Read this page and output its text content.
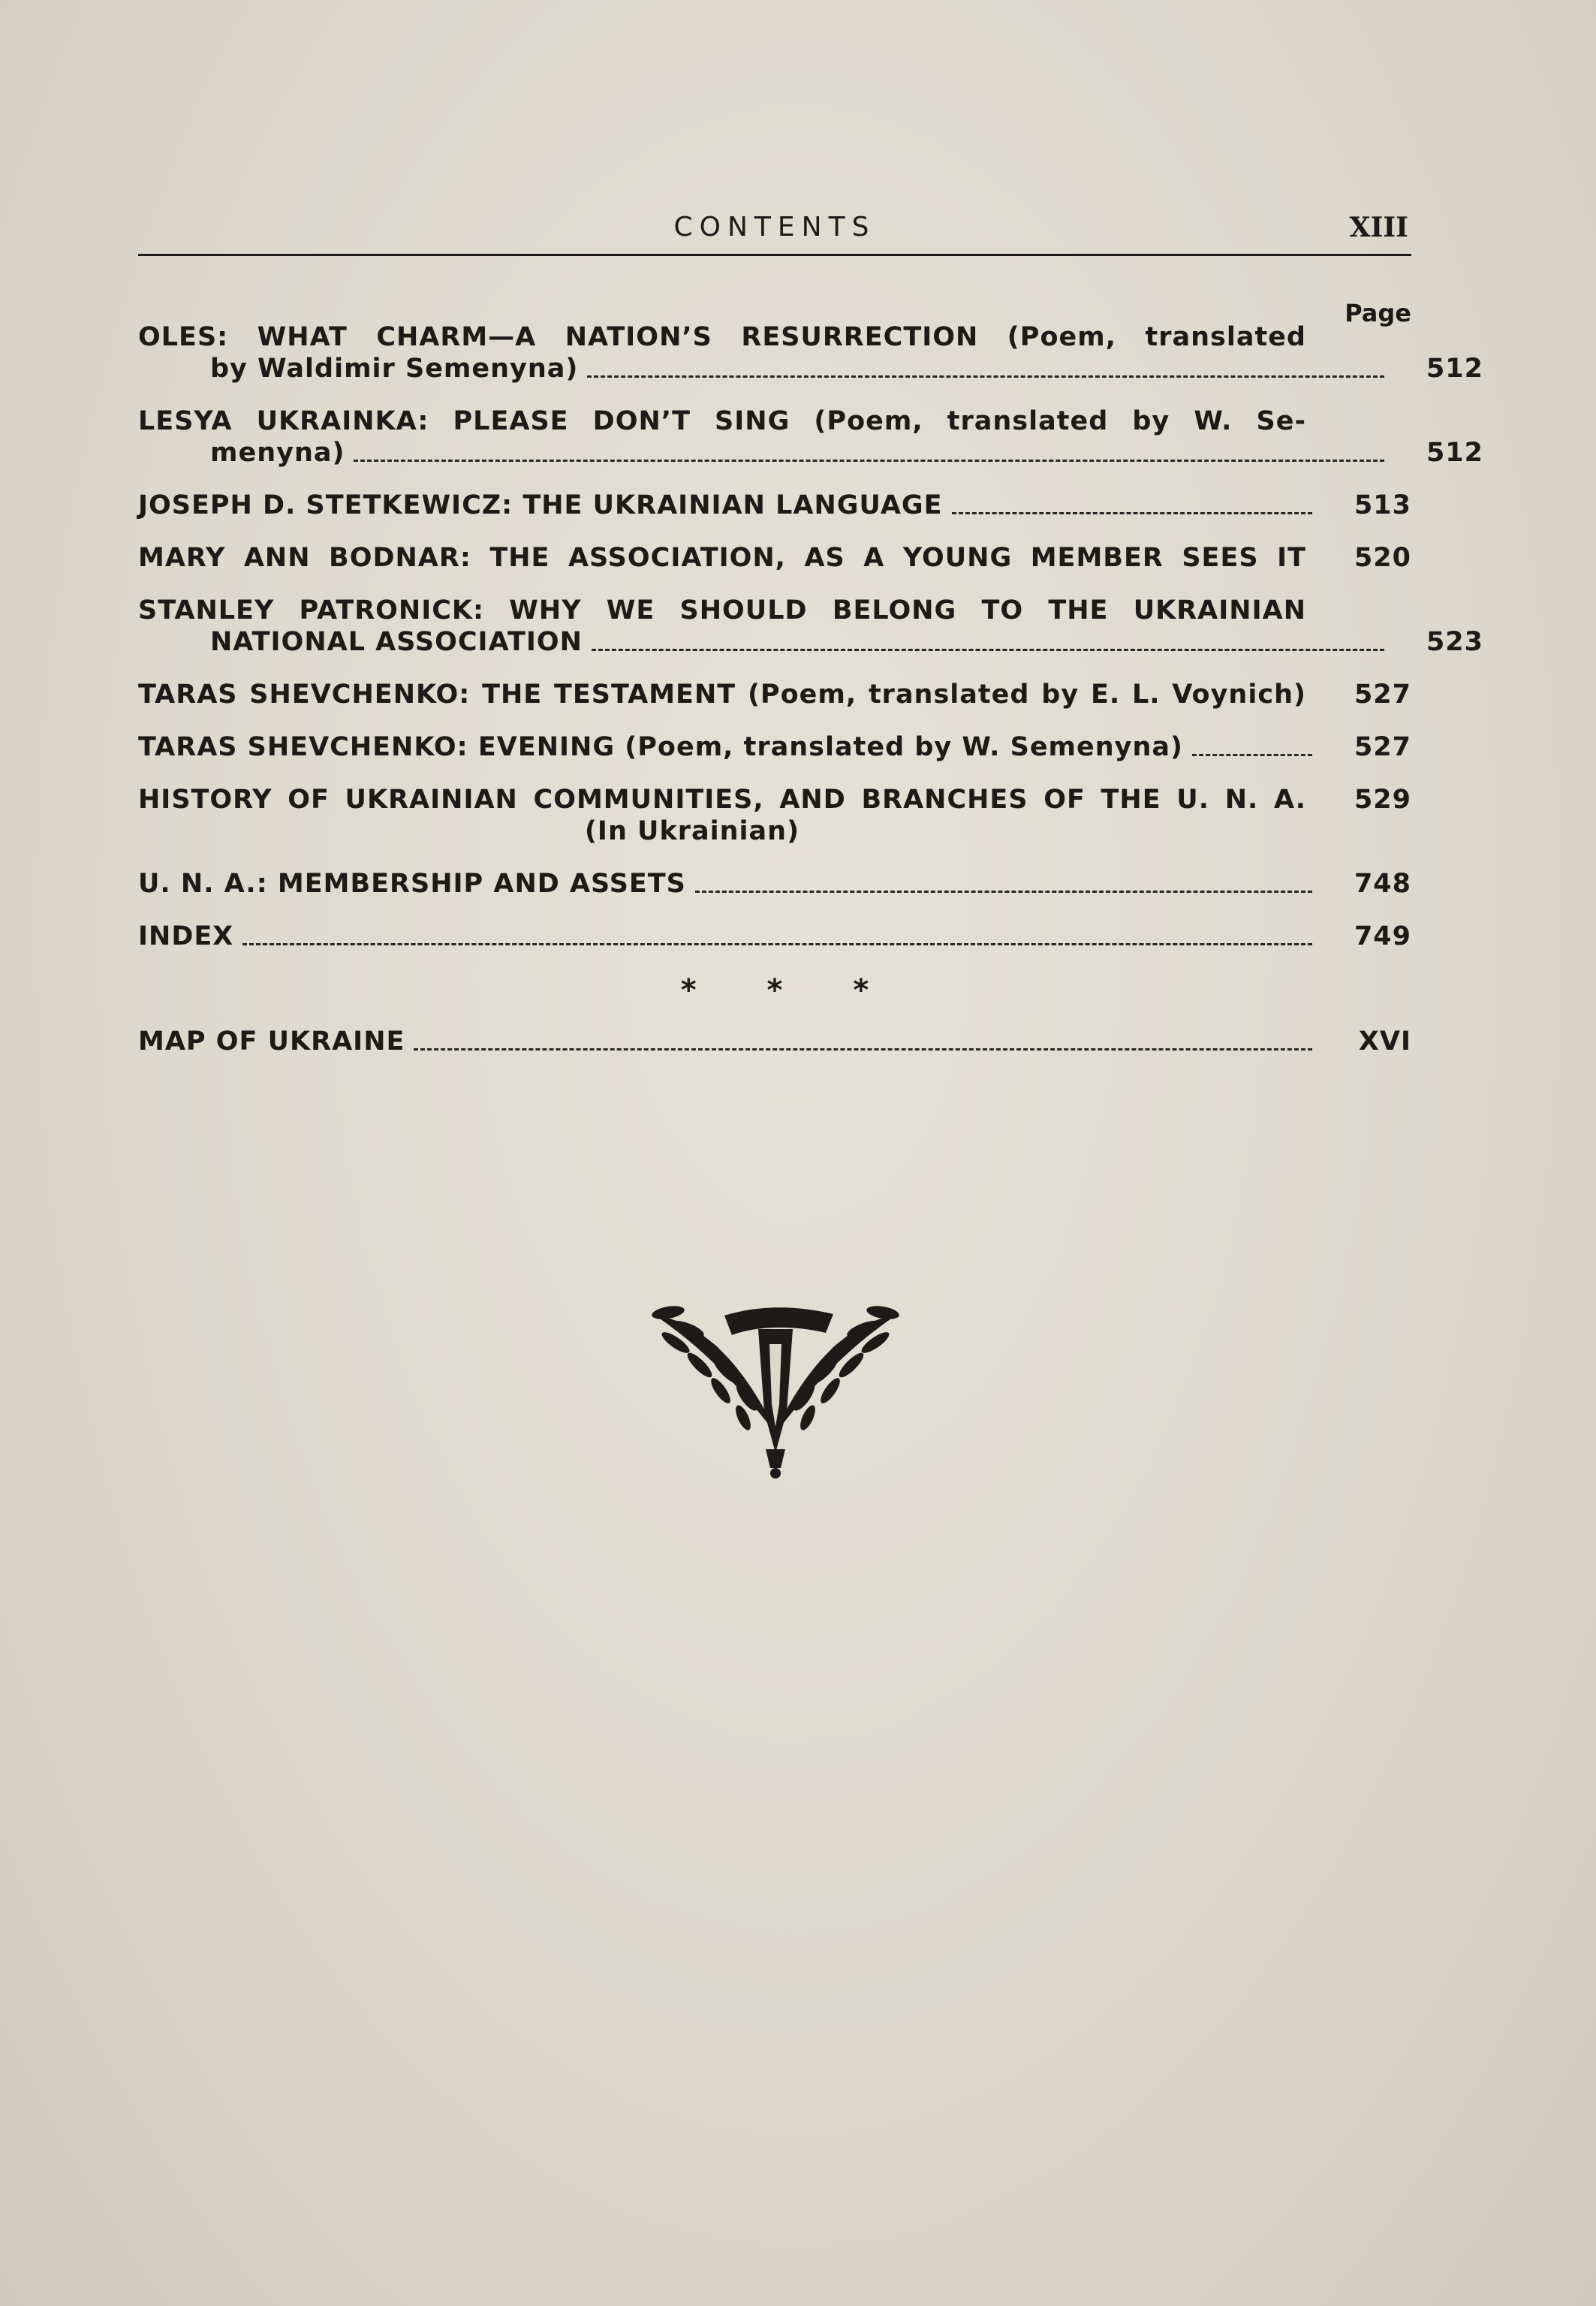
CONTENTS	XIII
Page
OLES: WHAT CHARM—A NATION’S RESURRECTION (Poem, translated
by Waldimir Semenyna)	512
LESYA UKRAINKA: PLEASE DON’T SING (Poem, translated by W. Se-
menyna)	512
JOSEPH D. STETKEWICZ: THE UKRAINIAN LANGUAGE	513
MARY ANN BODNAR: THE ASSOCIATION, AS A YOUNG MEMBER SEES IT	520
STANLEY PATRONICK: WHY WE SHOULD BELONG TO THE UKRAINIAN
NATIONAL ASSOCIATION	523
TARAS SHEVCHENKO: THE TESTAMENT (Poem, translated by E. L. Voynich)	527
TARAS SHEVCHENKO: EVENING (Poem, translated by W. Semenyna)	527
HISTORY OF UKRAINIAN COMMUNITIES, AND BRANCHES OF THE U. N. A.	529
(In Ukrainian)
U. N. A.: MEMBERSHIP AND ASSETS	748
INDEX	749
* * *
MAP OF UKRAINE	XVI
